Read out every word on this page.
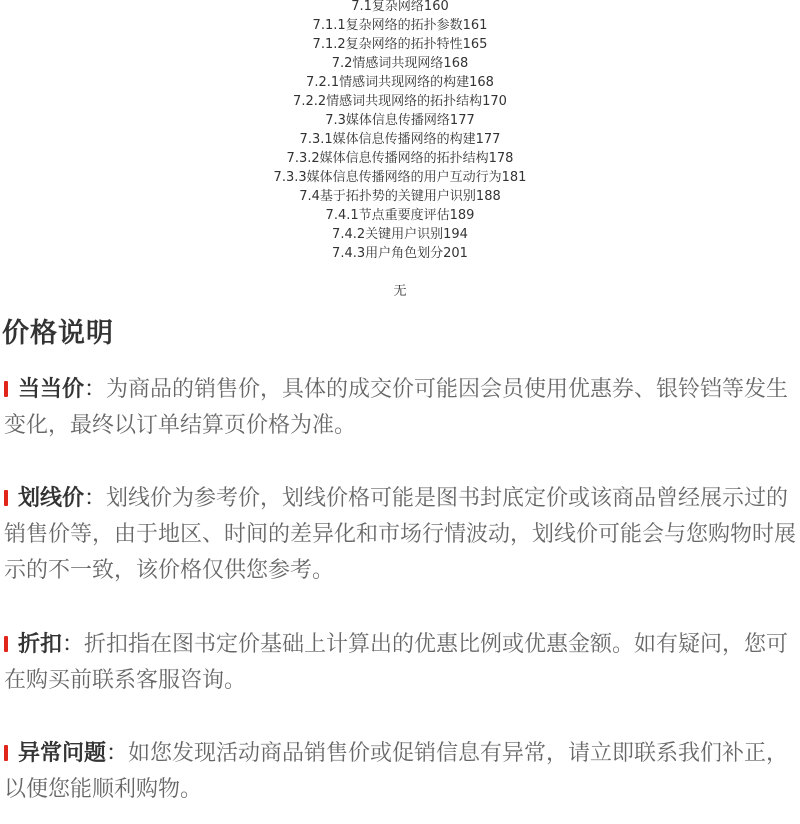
7.1复杂网络160
7.1.1复杂网络的拓扑参数161
7.1.2复杂网络的拓扑特性165
7.2情感词共现网络168
7.2.1情感词共现网络的构建168
7.2.2情感词共现网络的拓扑结构170
7.3媒体信息传播网络177
7.3.1媒体信息传播网络的构建177
7.3.2媒体信息传播网络的拓扑结构178
7.3.3媒体信息传播网络的用户互动行为181
7.4基于拓扑势的关键用户识别188
7.4.1节点重要度评估189
7.4.2关键用户识别194
7.4.3用户角色划分201
无
价格说明
当当价：为商品的销售价，具体的成交价可能因会员使用优惠券、银铃铛等发生变化，最终以订单结算页价格为准。
划线价：划线价为参考价，划线价格可能是图书封底定价或该商品曾经展示过的销售价等，由于地区、时间的差异化和市场行情波动，划线价可能会与您购物时展示的不一致，该价格仅供您参考。
折扣：折扣指在图书定价基础上计算出的优惠比例或优惠金额。如有疑问，您可在购买前联系客服咨询。
异常问题：如您发现活动商品销售价或促销信息有异常，请立即联系我们补正，以便您能顺利购物。
